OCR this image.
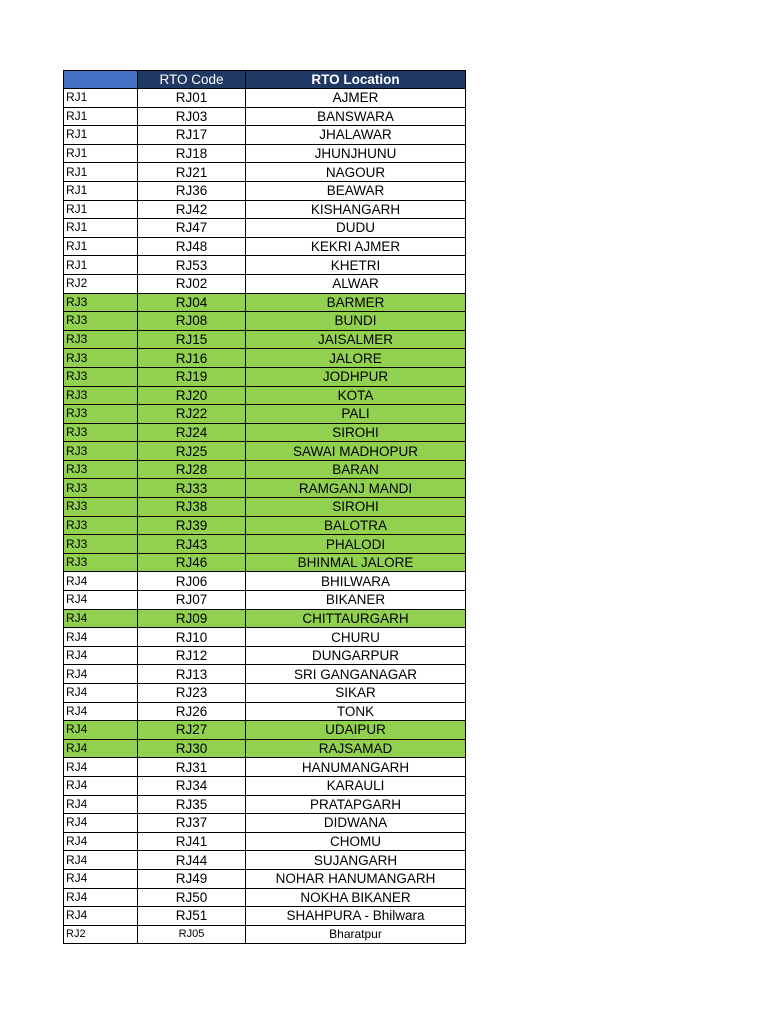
	RTO Code	RTO Location
RJ1	RJ01	AJMER
RJ1	RJ03	BANSWARA
RJ1	RJ17	JHALAWAR
RJ1	RJ18	JHUNJHUNU
RJ1	RJ21	NAGOUR
RJ1	RJ36	BEAWAR
RJ1	RJ42	KISHANGARH
RJ1	RJ47	DUDU
RJ1	RJ48	KEKRI AJMER
RJ1	RJ53	KHETRI
RJ2	RJ02	ALWAR
RJ3	RJ04	BARMER
RJ3	RJ08	BUNDI
RJ3	RJ15	JAISALMER
RJ3	RJ16	JALORE
RJ3	RJ19	JODHPUR
RJ3	RJ20	KOTA
RJ3	RJ22	PALI
RJ3	RJ24	SIROHI
RJ3	RJ25	SAWAI MADHOPUR
RJ3	RJ28	BARAN
RJ3	RJ33	RAMGANJ MANDI
RJ3	RJ38	SIROHI
RJ3	RJ39	BALOTRA
RJ3	RJ43	PHALODI
RJ3	RJ46	BHINMAL JALORE
RJ4	RJ06	BHILWARA
RJ4	RJ07	BIKANER
RJ4	RJ09	CHITTAURGARH
RJ4	RJ10	CHURU
RJ4	RJ12	DUNGARPUR
RJ4	RJ13	SRI GANGANAGAR
RJ4	RJ23	SIKAR
RJ4	RJ26	TONK
RJ4	RJ27	UDAIPUR
RJ4	RJ30	RAJSAMAD
RJ4	RJ31	HANUMANGARH
RJ4	RJ34	KARAULI
RJ4	RJ35	PRATAPGARH
RJ4	RJ37	DIDWANA
RJ4	RJ41	CHOMU
RJ4	RJ44	SUJANGARH
RJ4	RJ49	NOHAR HANUMANGARH
RJ4	RJ50	NOKHA BIKANER
RJ4	RJ51	SHAHPURA - Bhilwara
RJ2	RJ05	Bharatpur
